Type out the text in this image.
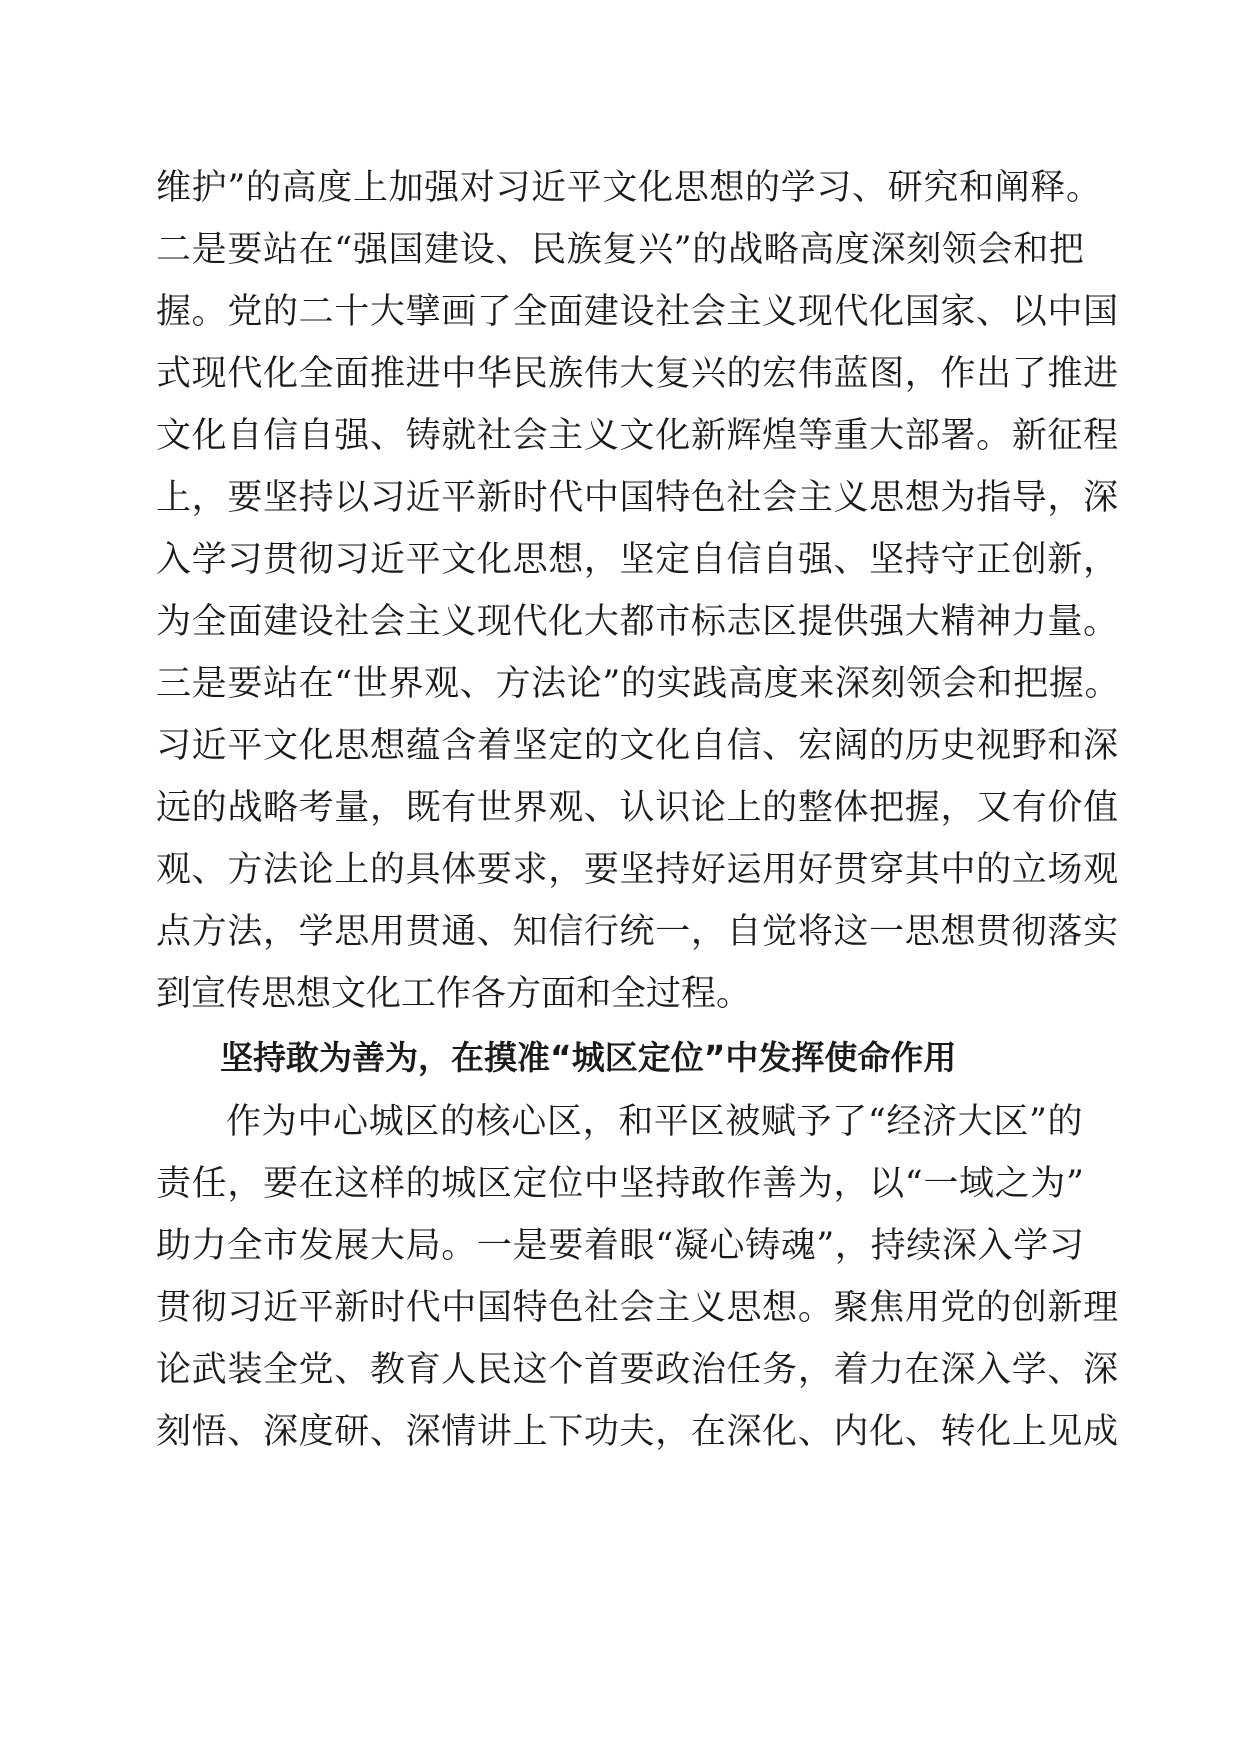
维 护 ” 的 高 度 上 加 强 对 习 近 平 文 化 思 想 的 学 习 、 研 究 和 阐 释 。
二 是 要 站 在 “ 强 国 建 设 、 民 族 复 兴 ” 的 战 略 高 度 深 刻 领 会 和 把
握 。 党 的 二 十 大 擘 画 了 全 面 建 设 社 会 主 义 现 代 化 国 家 、 以 中 国
式 现 代 化 全 面 推 进 中 华 民 族 伟 大 复 兴 的 宏 伟 蓝 图 ， 作 出 了 推 进
文 化 自 信 自 强 、 铸 就 社 会 主 义 文 化 新 辉 煌 等 重 大 部 署 。 新 征 程
上 ， 要 坚 持 以 习 近 平 新 时 代 中 国 特 色 社 会 主 义 思 想 为 指 导 ， 深
入 学 习 贯 彻 习 近 平 文 化 思 想 ， 坚 定 自 信 自 强 、 坚 持 守 正 创 新 ，
为 全 面 建 设 社 会 主 义 现 代 化 大 都 市 标 志 区 提 供 强 大 精 神 力 量 。
三 是 要 站 在 “ 世 界 观 、 方 法 论 ” 的 实 践 高 度 来 深 刻 领 会 和 把 握 。
习 近 平 文 化 思 想 蕴 含 着 坚 定 的 文 化 自 信 、 宏 阔 的 历 史 视 野 和 深
远 的 战 略 考 量 ， 既 有 世 界 观 、 认 识 论 上 的 整 体 把 握 ， 又 有 价 值
观 、 方 法 论 上 的 具 体 要 求 ， 要 坚 持 好 运 用 好 贯 穿 其 中 的 立 场 观
点 方 法 ， 学 思 用 贯 通 、 知 信 行 统 一 ， 自 觉 将 这 一 思 想 贯 彻 落 实
到宣传思想文化工作各方面和全过程。
坚持敢为善为，在摸准“城区定位”中发挥使命作用
作 为 中 心 城 区 的 核 心 区 ， 和 平 区 被 赋 予 了 “ 经 济 大 区 ” 的
责 任 ， 要 在 这 样 的 城 区 定 位 中 坚 持 敢 作 善 为 ， 以 “ 一 域 之 为 ”
助 力 全 市 发 展 大 局 。 一 是 要 着 眼 “ 凝 心 铸 魂 ” ， 持 续 深 入 学 习
贯 彻 习 近 平 新 时 代 中 国 特 色 社 会 主 义 思 想 。 聚 焦 用 党 的 创 新 理
论 武 装 全 党 、 教 育 人 民 这 个 首 要 政 治 任 务 ， 着 力 在 深 入 学 、 深
刻 悟 、 深 度 研 、 深 情 讲 上 下 功 夫 ， 在 深 化 、 内 化 、 转 化 上 见 成
